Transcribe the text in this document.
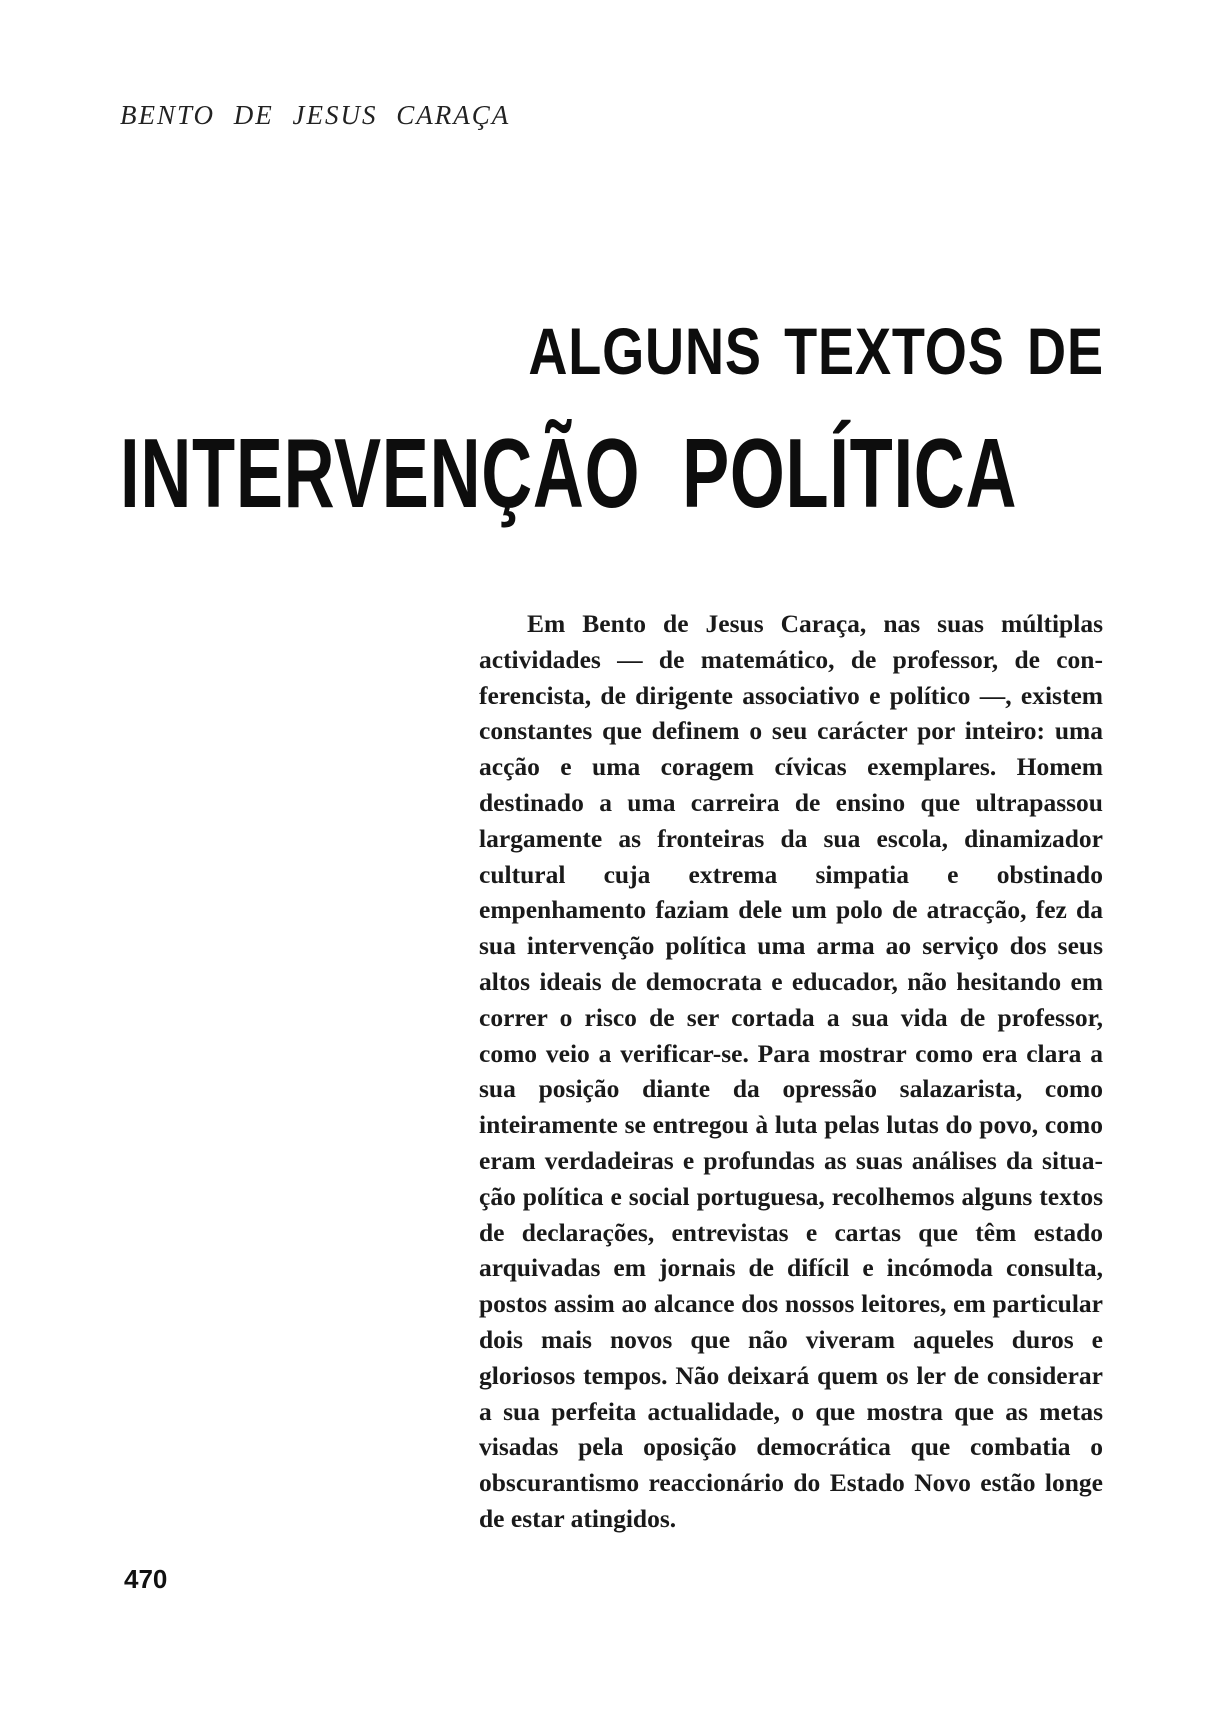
BENTO DE JESUS CARAÇA
ALGUNS TEXTOS DE
INTERVENÇÃO POLÍTICA

Em Bento de Jesus Caraça, nas suas múltiplas actividades — de matemático, de professor, de conferencista, de dirigente associativo e político —, existem constantes que definem o seu carácter por inteiro: uma acção e uma coragem cívicas exemplares. Homem destinado a uma carreira de ensino que ultrapassou largamente as fronteiras da sua escola, dinamizador cultural cuja extrema simpatia e obstinado empenhamento faziam dele um polo de atracção, fez da sua intervenção política uma arma ao serviço dos seus altos ideais de democrata e educador, não hesitando em correr o risco de ser cortada a sua vida de professor, como veio a verificar-se. Para mostrar como era clara a sua posição diante da opressão salazarista, como inteiramente se entregou à luta pelas lutas do povo, como eram verdadeiras e profundas as suas análises da situação política e social portuguesa, recolhemos alguns textos de declarações, entrevistas e cartas que têm estado arquivadas em jornais de difícil e incómoda consulta, postos assim ao alcance dos nossos leitores, em particular dois mais novos que não viveram aqueles duros e gloriosos tempos. Não deixará quem os ler de considerar a sua perfeita actualidade, o que mostra que as metas visadas pela oposição democrática que combatia o obscurantismo reaccionário do Estado Novo estão longe de estar atingidos.

470
